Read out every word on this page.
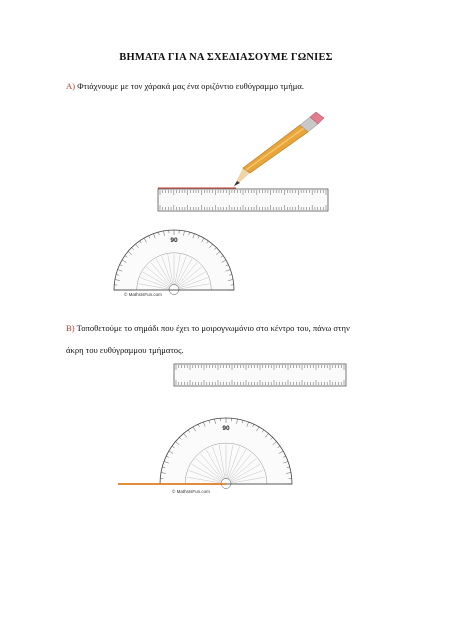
ΒΗΜΑΤΑ ΓΙΑ ΝΑ ΣΧΕΔΙΑΣΟΥΜΕ ΓΩΝΙΕΣ
Α) Φτιάχνουμε με τον χάρακά μας ένα οριζόντιο ευθύγραμμο τμήμα.
90
© MathsIsFun.com
Β) Τοποθετούμε το σημάδι που έχει το μοιρογνωμόνιο στο κέντρο του, πάνω στην
άκρη του ευθύγραμμου τμήματος.
90
© MathsIsFun.com
